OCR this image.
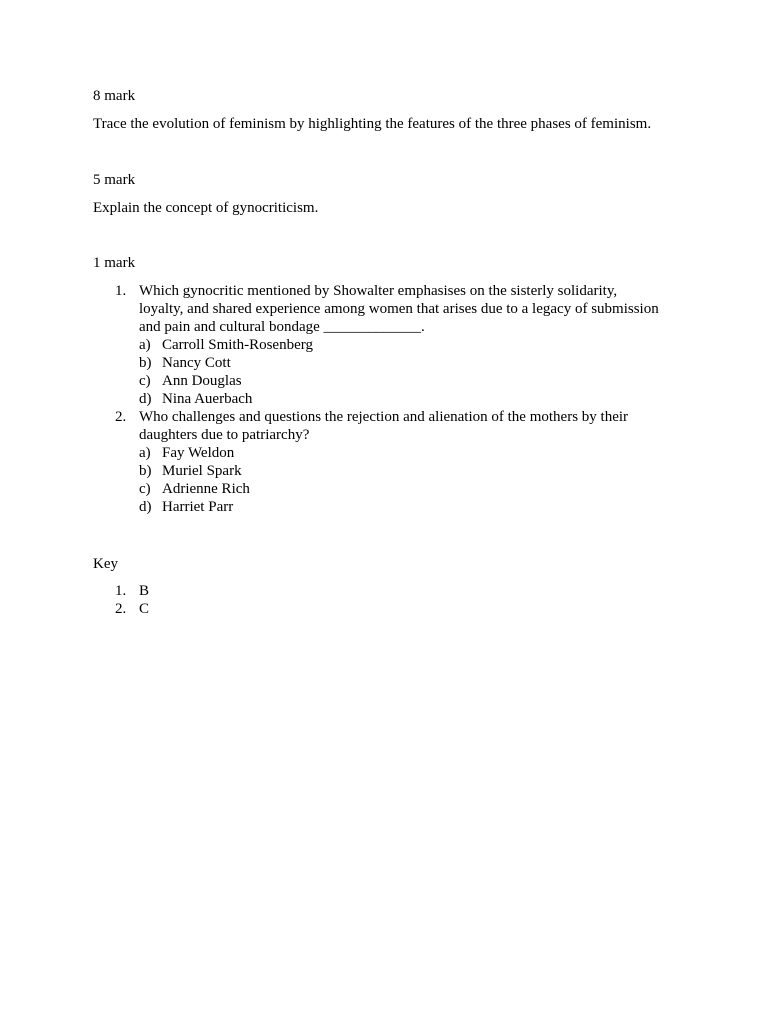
8 mark
Trace the evolution of feminism by highlighting the features of the three phases of feminism.
5 mark
Explain the concept of gynocriticism.
1 mark
1. Which gynocritic mentioned by Showalter emphasises on the sisterly solidarity, loyalty, and shared experience among women that arises due to a legacy of submission and pain and cultural bondage _____________.
a) Carroll Smith-Rosenberg
b) Nancy Cott
c) Ann Douglas
d) Nina Auerbach
2. Who challenges and questions the rejection and alienation of the mothers by their daughters due to patriarchy?
a) Fay Weldon
b) Muriel Spark
c) Adrienne Rich
d) Harriet Parr
Key
1. B
2. C
